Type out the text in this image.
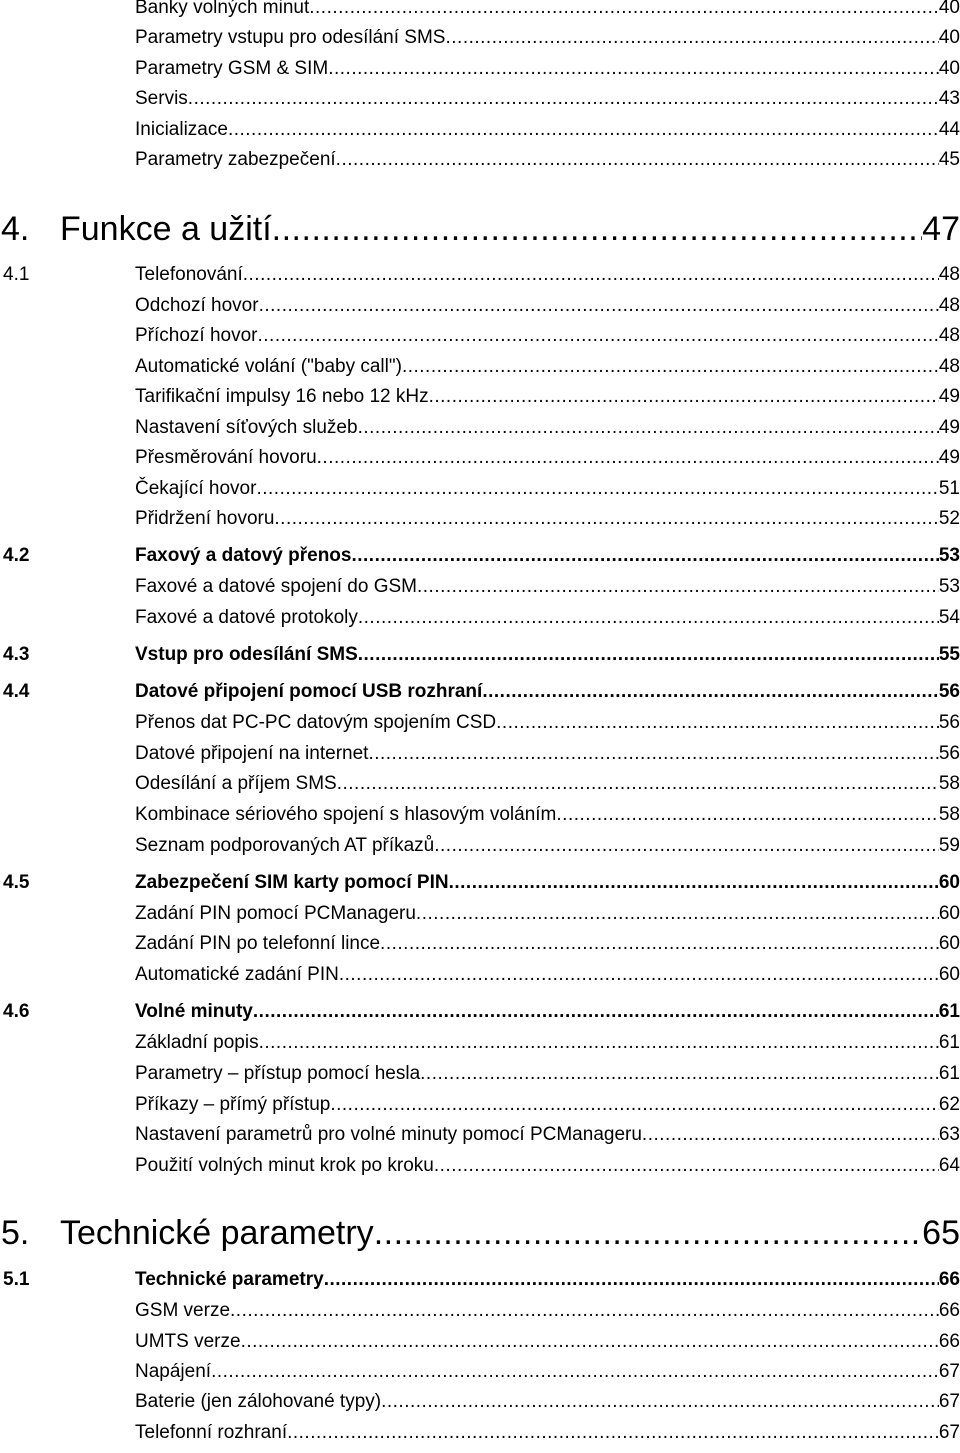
Banky volných minut .....	40
Parametry vstupu pro odesílání SMS .....	40
Parametry GSM & SIM .....	40
Servis .....	43
Inicializace .....	44
Parametry zabezpečení .....	45
4. Funkce a užití .....	47
4.1	Telefonování .....	48
Odchozí hovor .....	48
Příchozí hovor .....	48
Automatické volání ("baby call") .....	48
Tarifikační impulsy 16 nebo 12 kHz .....	49
Nastavení síťových služeb .....	49
Přesměrování hovoru .....	49
Čekající hovor .....	51
Přidržení hovoru .....	52
4.2	Faxový a datový přenos .....	53
Faxové a datové spojení do GSM .....	53
Faxové a datové protokoly .....	54
4.3	Vstup pro odesílání SMS .....	55
4.4	Datové připojení pomocí USB rozhraní .....	56
Přenos dat PC-PC datovým spojením CSD .....	56
Datové připojení na internet .....	56
Odesílání a příjem SMS .....	58
Kombinace sériového spojení s hlasovým voláním .....	58
Seznam podporovaných AT příkazů .....	59
4.5	Zabezpečení SIM karty pomocí PIN .....	60
Zadání PIN pomocí PCManageru .....	60
Zadání PIN po telefonní lince .....	60
Automatické zadání PIN .....	60
4.6	Volné minuty .....	61
Základní popis .....	61
Parametry – přístup pomocí hesla .....	61
Příkazy – přímý přístup .....	62
Nastavení parametrů pro volné minuty pomocí PCManageru .....	63
Použití volných minut krok po kroku .....	64
5. Technické parametry .....	65
5.1	Technické parametry .....	66
GSM verze .....	66
UMTS verze .....	66
Napájení .....	67
Baterie (jen zálohované typy) .....	67
Telefonní rozhraní .....	67
